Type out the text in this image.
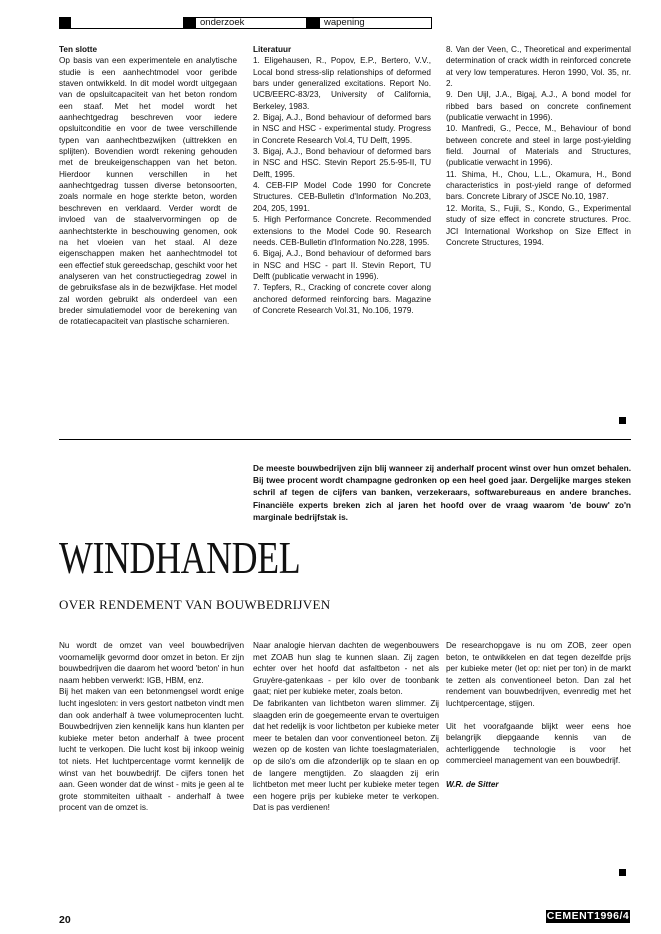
onderzoek	wapening

Ten slotte

Op basis van een experimentele en analytische studie is een aanhechtmodel voor geribde staven ontwikkeld. In dit model wordt uitgegaan van de opsluitcapaciteit van het beton rondom een staaf. Met het model wordt het aanhechtgedrag beschreven voor iedere opsluitconditie en voor de twee verschillende typen van aanhechtbezwijken (uittrekken en splijten). Bovendien wordt rekening gehouden met de breukeigenschappen van het beton. Hierdoor kunnen verschillen in het aanhechtgedrag tussen diverse betonsoorten, zoals normale en hoge sterkte beton, worden beschreven en verklaard. Verder wordt de invloed van de staalvervormingen op de aanhechtsterkte in beschouwing genomen, ook na het vloeien van het staal. Al deze eigenschappen maken het aanhechtmodel tot een effectief stuk gereedschap, geschikt voor het analyseren van het constructiegedrag zowel in de gebruiksfase als in de bezwijkfase. Het model zal worden gebruikt als onderdeel van een breder simulatiemodel voor de berekening van de rotatiecapaciteit van plastische scharnieren.

Literatuur

1. Eligehausen, R., Popov, E.P., Bertero, V.V., Local bond stress-slip relationships of deformed bars under generalized excitations. Report No. UCB/EERC-83/23, University of California, Berkeley, 1983.

2. Bigaj, A.J., Bond behaviour of deformed bars in NSC and HSC - experimental study. Progress in Concrete Research Vol.4, TU Delft, 1995.

3. Bigaj, A.J., Bond behaviour of deformed bars in NSC and HSC. Stevin Report 25.5-95-II, TU Delft, 1995.

4. CEB-FIP Model Code 1990 for Concrete Structures. CEB-Bulletin d'Information No.203, 204, 205, 1991.

5. High Performance Concrete. Recommended extensions to the Model Code 90. Research needs. CEB-Bulletin d'Information No.228, 1995.

6. Bigaj, A.J., Bond behaviour of deformed bars in NSC and HSC - part II. Stevin Report, TU Delft (publicatie verwacht in 1996).

7. Tepfers, R., Cracking of concrete cover along anchored deformed reinforcing bars. Magazine of Concrete Research Vol.31, No.106, 1979.

8. Van der Veen, C., Theoretical and experimental determination of crack width in reinforced concrete at very low temperatures. Heron 1990, Vol. 35, nr. 2.

9. Den Uijl, J.A., Bigaj, A.J., A bond model for ribbed bars based on concrete confinement (publicatie verwacht in 1996).

10. Manfredi, G., Pecce, M., Behaviour of bond between concrete and steel in large post-yielding field. Journal of Materials and Structures, (publicatie verwacht in 1996).

11. Shima, H., Chou, L.L., Okamura, H., Bond characteristics in post-yield range of deformed bars. Concrete Library of JSCE No.10, 1987.

12. Morita, S., Fujii, S., Kondo, G., Experimental study of size effect in concrete structures. Proc. JCI International Workshop on Size Effect in Concrete Structures, 1994.

De meeste bouwbedrijven zijn blij wanneer zij anderhalf procent winst over hun omzet behalen. Bij twee procent wordt champagne gedronken op een heel goed jaar. Dergelijke marges steken schril af tegen de cijfers van banken, verzekeraars, softwarebureaus en andere branches. Financiële experts breken zich al jaren het hoofd over de vraag waarom 'de bouw' zo'n marginale bedrijfstak is.
WINDHANDEL
OVER RENDEMENT VAN BOUWBEDRIJVEN

Nu wordt de omzet van veel bouwbedrijven voornamelijk gevormd door omzet in beton. Er zijn bouwbedrijven die daarom het woord 'beton' in hun naam hebben verwerkt: IGB, HBM, enz.

Bij het maken van een betonmengsel wordt enige lucht ingesloten: in vers gestort natbeton vindt men dan ook anderhalf à twee volumeprocenten lucht. Bouwbedrijven zien kennelijk kans hun klanten per kubieke meter beton anderhalf à twee procent lucht te verkopen. Die lucht kost bij inkoop weinig tot niets. Het luchtpercentage vormt kennelijk de winst van het bouwbedrijf. De cijfers tonen het aan. Geen wonder dat de winst - mits je geen al te grote stommiteiten uithaalt - anderhalf à twee procent van de omzet is.

Naar analogie hiervan dachten de wegenbouwers met ZOAB hun slag te kunnen slaan. Zij zagen echter over het hoofd dat asfaltbeton - net als Gruyère-gatenkaas - per kilo over de toonbank gaat; niet per kubieke meter, zoals beton.

De fabrikanten van lichtbeton waren slimmer. Zij slaagden erin de goegemeente ervan te overtuigen dat het redelijk is voor lichtbeton per kubieke meter meer te betalen dan voor conventioneel beton. Zij wezen op de kosten van lichte toeslagmaterialen, op de silo's om die afzonderlijk op te slaan en op de langere mengtijden. Zo slaagden zij erin lichtbeton met meer lucht per kubieke meter tegen een hogere prijs per kubieke meter te verkopen. Dat is pas verdienen!

De researchopgave is nu om ZOB, zeer open beton, te ontwikkelen en dat tegen dezelfde prijs per kubieke meter (let op: niet per ton) in de markt te zetten als conventioneel beton. Dan zal het rendement van bouwbedrijven, evenredig met het luchtpercentage, stijgen.

Uit het voorafgaande blijkt weer eens hoe belangrijk diepgaande kennis van de achterliggende technologie is voor het commercieel management van een bouwbedrijf.

W.R. de Sitter

20	CEMENT1996/4
